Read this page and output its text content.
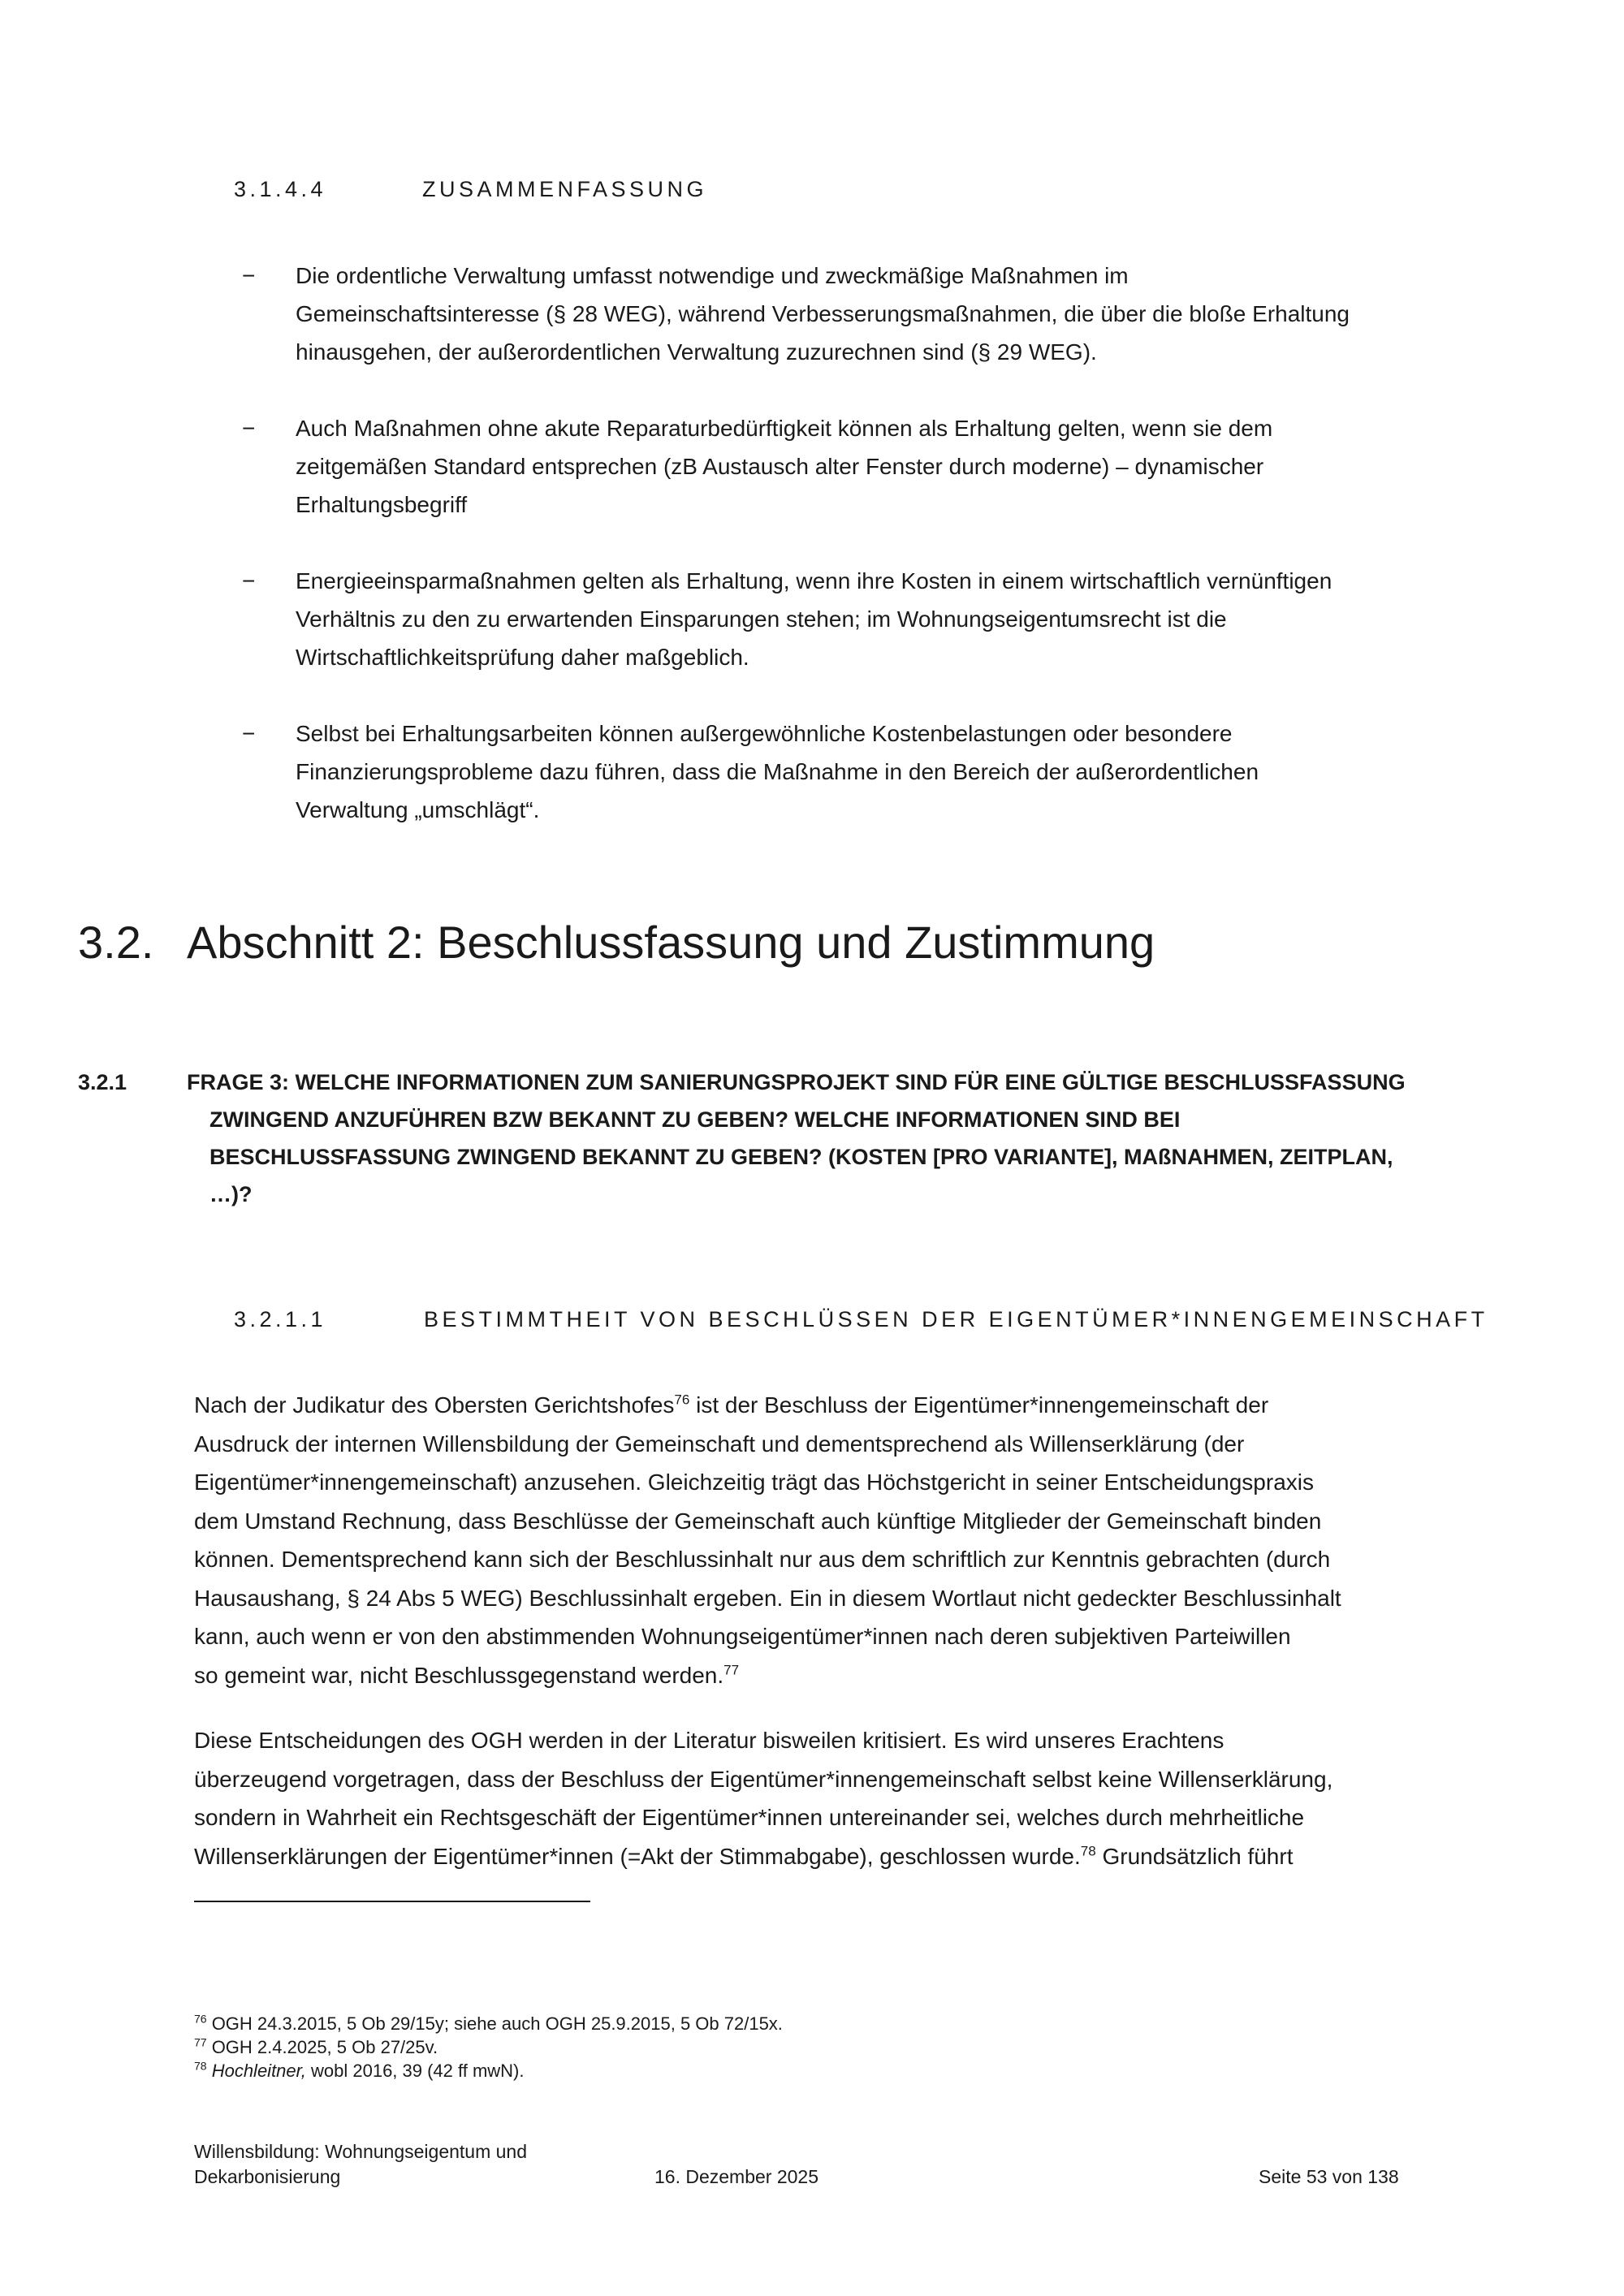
3.1.4.4	ZUSAMMENFASSUNG
−	Die ordentliche Verwaltung umfasst notwendige und zweckmäßige Maßnahmen im
Gemeinschaftsinteresse (§ 28 WEG), während Verbesserungsmaßnahmen, die über die bloße Erhaltung
hinausgehen, der außerordentlichen Verwaltung zuzurechnen sind (§ 29 WEG).
−	Auch Maßnahmen ohne akute Reparaturbedürftigkeit können als Erhaltung gelten, wenn sie dem
zeitgemäßen Standard entsprechen (zB Austausch alter Fenster durch moderne) – dynamischer
Erhaltungsbegriff
−	Energieeinsparmaßnahmen gelten als Erhaltung, wenn ihre Kosten in einem wirtschaftlich vernünftigen
Verhältnis zu den zu erwartenden Einsparungen stehen; im Wohnungseigentumsrecht ist die
Wirtschaftlichkeitsprüfung daher maßgeblich.
−	Selbst bei Erhaltungsarbeiten können außergewöhnliche Kostenbelastungen oder besondere
Finanzierungsprobleme dazu führen, dass die Maßnahme in den Bereich der außerordentlichen
Verwaltung „umschlägt“.
3.2. Abschnitt 2: Beschlussfassung und Zustimmung
3.2.1	FRAGE 3: WELCHE INFORMATIONEN ZUM SANIERUNGSPROJEKT SIND FÜR EINE GÜLTIGE BESCHLUSSFASSUNG
ZWINGEND ANZUFÜHREN BZW BEKANNT ZU GEBEN? WELCHE INFORMATIONEN SIND BEI
BESCHLUSSFASSUNG ZWINGEND BEKANNT ZU GEBEN? (KOSTEN [PRO VARIANTE], MAßNAHMEN, ZEITPLAN,
…)?
3.2.1.1	BESTIMMTHEIT VON BESCHLÜSSEN DER EIGENTÜMER*INNENGEMEINSCHAFT

Nach der Judikatur des Obersten Gerichtshofes$^{76}$ ist der Beschluss der Eigentümer*innengemeinschaft der
Ausdruck der internen Willensbildung der Gemeinschaft und dementsprechend als Willenserklärung (der
Eigentümer*innengemeinschaft) anzusehen. Gleichzeitig trägt das Höchstgericht in seiner Entscheidungspraxis
dem Umstand Rechnung, dass Beschlüsse der Gemeinschaft auch künftige Mitglieder der Gemeinschaft binden
können. Dementsprechend kann sich der Beschlussinhalt nur aus dem schriftlich zur Kenntnis gebrachten (durch
Hausaushang, § 24 Abs 5 WEG) Beschlussinhalt ergeben. Ein in diesem Wortlaut nicht gedeckter Beschlussinhalt
kann, auch wenn er von den abstimmenden Wohnungseigentümer*innen nach deren subjektiven Parteiwillen
so gemeint war, nicht Beschlussgegenstand werden.$^{77}$

Diese Entscheidungen des OGH werden in der Literatur bisweilen kritisiert. Es wird unseres Erachtens
überzeugend vorgetragen, dass der Beschluss der Eigentümer*innengemeinschaft selbst keine Willenserklärung,
sondern in Wahrheit ein Rechtsgeschäft der Eigentümer*innen untereinander sei, welches durch mehrheitliche
Willenserklärungen der Eigentümer*innen (=Akt der Stimmabgabe), geschlossen wurde.$^{78}$ Grundsätzlich führt

$^{76}$ OGH 24.3.2015, 5 Ob 29/15y; siehe auch OGH 25.9.2015, 5 Ob 72/15x.
$^{77}$ OGH 2.4.2025, 5 Ob 27/25v.
$^{78}$ Hochleitner, wobl 2016, 39 (42 ff mwN).
Willensbildung: Wohnungseigentum und
Dekarbonisierung	16. Dezember 2025	Seite 53 von 138
